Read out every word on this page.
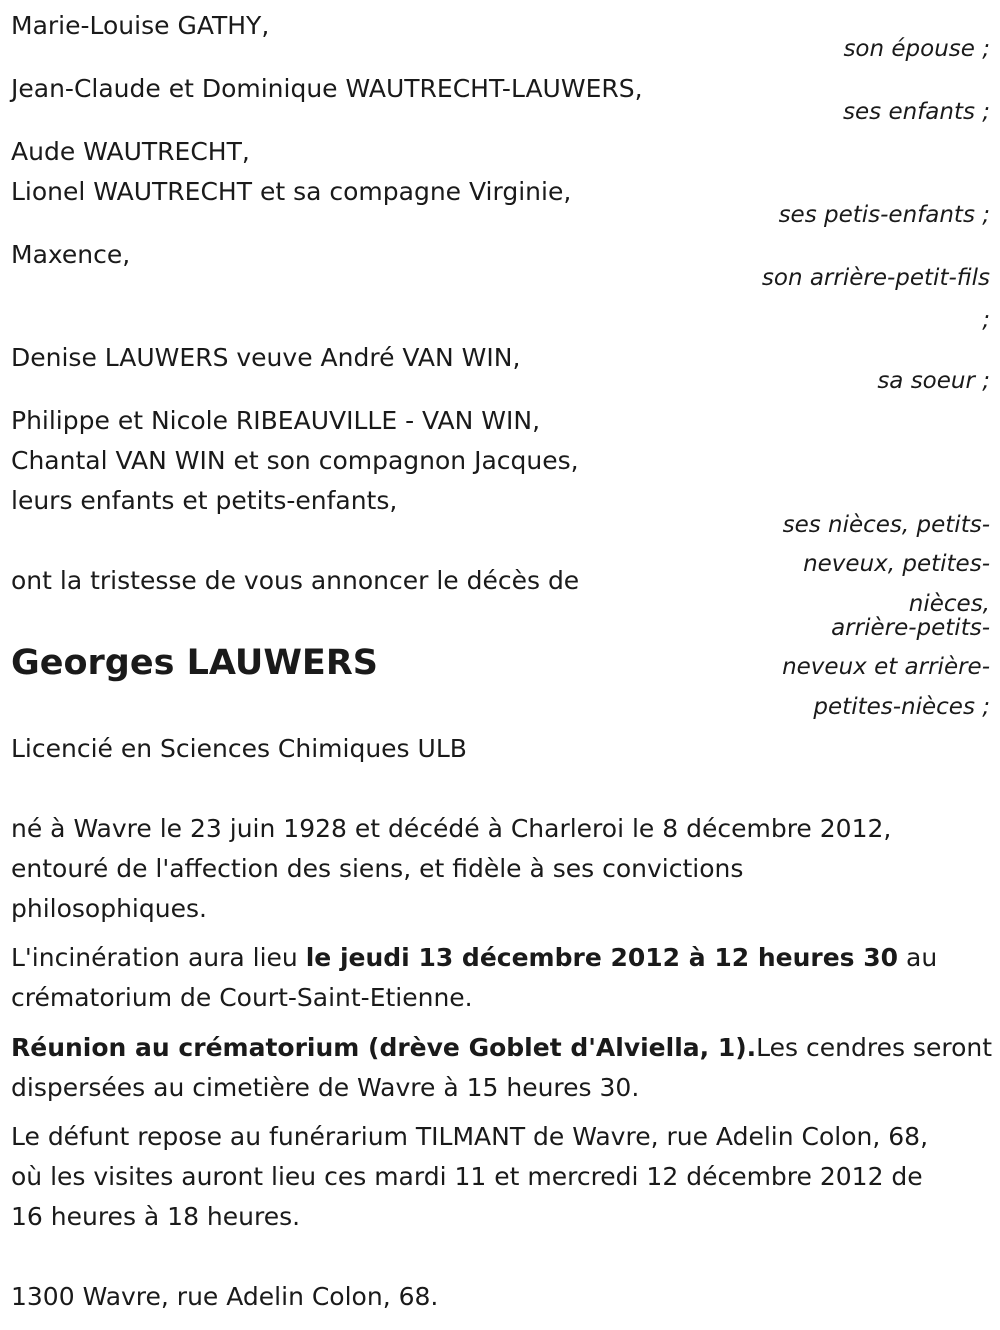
Marie-Louise GATHY,

son épouse ;

Jean-Claude et Dominique WAUTRECHT-LAUWERS,

ses enfants ;

Aude WAUTRECHT,

Lionel WAUTRECHT et sa compagne Virginie,

ses petis-enfants ;

Maxence,

son arrière-petit-fils

;

Denise LAUWERS veuve André VAN WIN,

sa soeur ;

Philippe et Nicole RIBEAUVILLE - VAN WIN,

Chantal VAN WIN et son compagnon Jacques,

leurs enfants et petits-enfants,

ses nièces, petits-

neveux, petites-

nièces,

arrière-petits-

neveux et arrière-

petites-nièces ;

ont la tristesse de vous annoncer le décès de

Georges LAUWERS

Licencié en Sciences Chimiques ULB

né à Wavre le 23 juin 1928 et décédé à Charleroi le 8 décembre 2012,

entouré de l'affection des siens, et fidèle à ses convictions

philosophiques.

L'incinération aura lieu le jeudi 13 décembre 2012 à 12 heures 30 au

crématorium de Court-Saint-Etienne.

Réunion au crématorium (drève Goblet d'Alviella, 1).Les cendres seront

dispersées au cimetière de Wavre à 15 heures 30.

Le défunt repose au funérarium TILMANT de Wavre, rue Adelin Colon, 68,

où les visites auront lieu ces mardi 11 et mercredi 12 décembre 2012 de

16 heures à 18 heures.

1300 Wavre, rue Adelin Colon, 68.
